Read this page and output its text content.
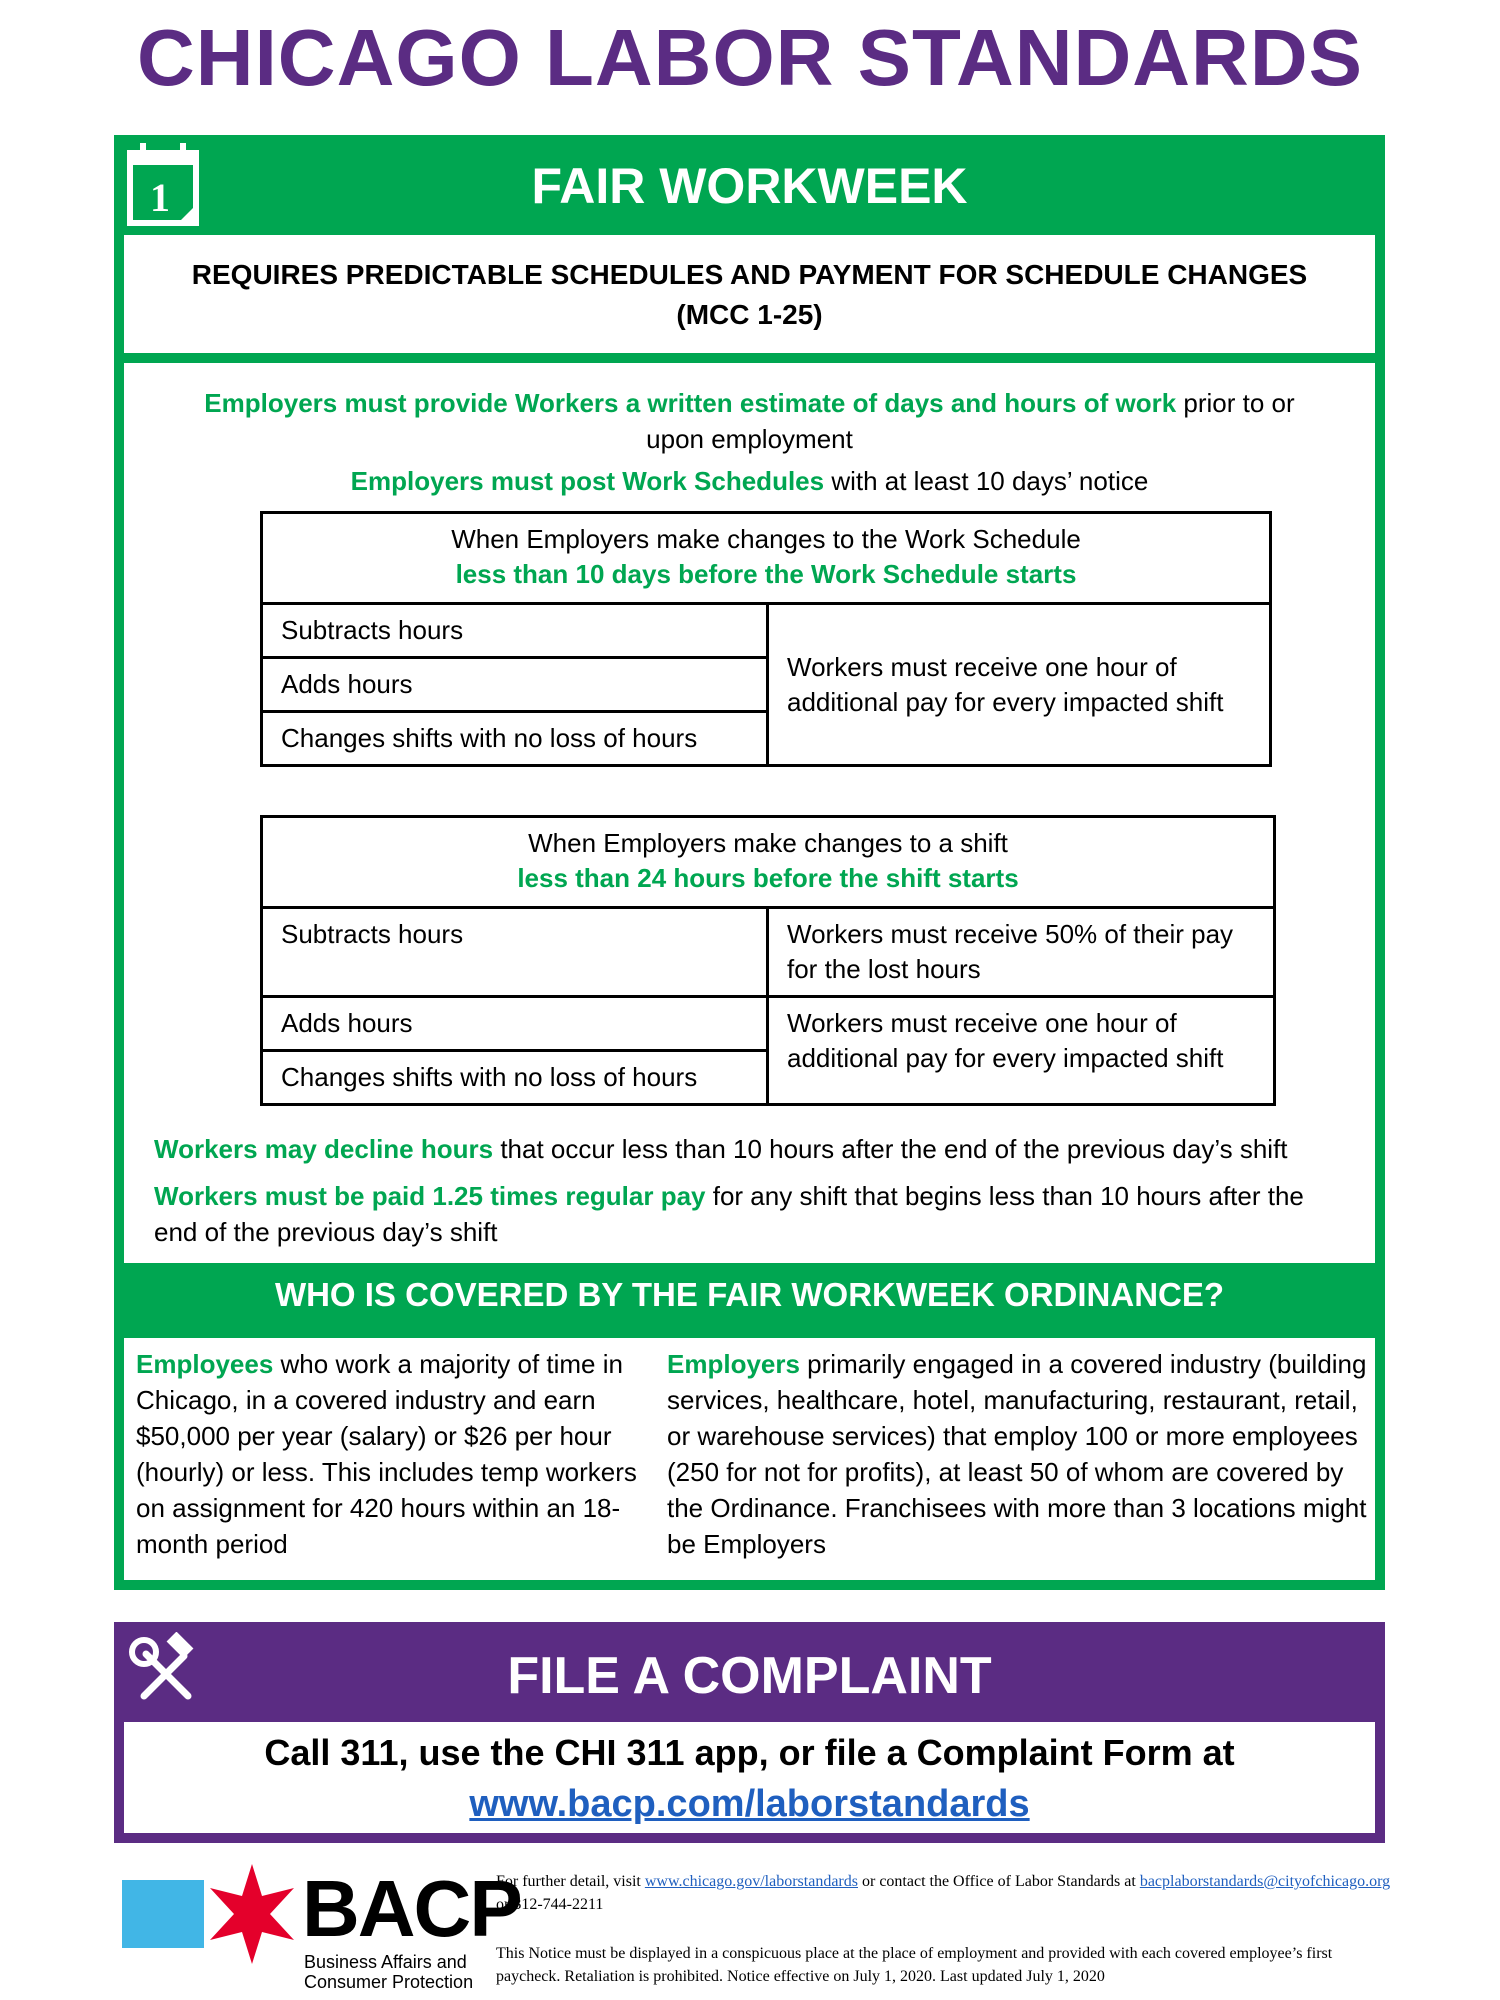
CHICAGO LABOR STANDARDS
1	FAIR WORKWEEK
REQUIRES PREDICTABLE SCHEDULES AND PAYMENT FOR SCHEDULE CHANGES
(MCC 1-25)
Employers must provide Workers a written estimate of days and hours of work prior to or upon employment
Employers must post Work Schedules with at least 10 days’ notice
When Employers make changes to the Work Schedule
less than 10 days before the Work Schedule starts

Subtracts hours	Workers must receive one hour of additional pay for every impacted shift
Adds hours
Changes shifts with no loss of hours
When Employers make changes to a shift
less than 24 hours before the shift starts	

Subtracts hours	Workers must receive 50% of their pay for the lost hours
Adds hours	Workers must receive one hour of additional pay for every impacted shift
Changes shifts with no loss of hours	
Workers may decline hours that occur less than 10 hours after the end of the previous day’s shift
Workers must be paid 1.25 times regular pay for any shift that begins less than 10 hours after the end of the previous day’s shift
WHO IS COVERED BY THE FAIR WORKWEEK ORDINANCE?
Employees who work a majority of time in Chicago, in a covered industry and earn $50,000 per year (salary) or $26 per hour (hourly) or less. This includes temp workers on assignment for 420 hours within an 18-month period
Employers primarily engaged in a covered industry (building services, healthcare, hotel, manufacturing, restaurant, retail, or warehouse services) that employ 100 or more employees (250 for not for profits), at least 50 of whom are covered by the Ordinance. Franchisees with more than 3 locations might be Employers
FILE A COMPLAINT
Call 311, use the CHI 311 app, or file a Complaint Form at
www.bacp.com/laborstandards
BACP
Business Affairs and
Consumer Protection
For further detail, visit www.chicago.gov/laborstandards or contact the Office of Labor Standards at bacplaborstandards@cityofchicago.org or 312-744-2211
This Notice must be displayed in a conspicuous place at the place of employment and provided with each covered employee’s first paycheck. Retaliation is prohibited. Notice effective on July 1, 2020. Last updated July 1, 2020
